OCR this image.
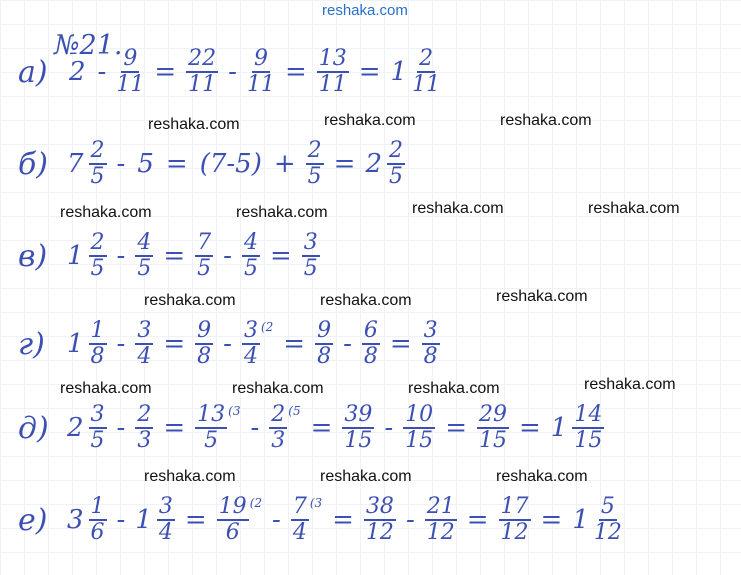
reshaka.com
№21.
а) $2 - \frac{9}{11} = \frac{22}{11} - \frac{9}{11} = \frac{13}{11} = 1 \frac{2}{11}$
б) $7 \frac{2}{5} - 5 = (7-5) + \frac{2}{5} = 2 \frac{2}{5}$
в) $1 \frac{2}{5} - \frac{4}{5} = \frac{7}{5} - \frac{4}{5} = \frac{3}{5}$
г) $1 \frac{1}{8} - \frac{3}{4} = \frac{9}{8} - \frac{3}{4} (2$
= $\frac{9}{8} - \frac{6}{8} = \frac{3}{8}$
д) $2 \frac{3}{5} - \frac{2}{3} = \frac{13}{5} (3$
- $\frac{2}{3} (5$
= $\frac{39}{15} - \frac{10}{15} = \frac{29}{15} = 1 \frac{14}{15}$
е) $3 \frac{1}{6} - 1 \frac{3}{4} = \frac{19}{6} (2$
- $\frac{7}{4} (3$
= $\frac{38}{12} - \frac{21}{12} = \frac{17}{12} = 1 \frac{5}{12}$
reshaka.com	reshaka.com	reshaka.com
reshaka.com	reshaka.com	reshaka.com	reshaka.com
reshaka.com	reshaka.com	reshaka.com
reshaka.com	reshaka.com	reshaka.com	reshaka.com
reshaka.com	reshaka.com	reshaka.com
